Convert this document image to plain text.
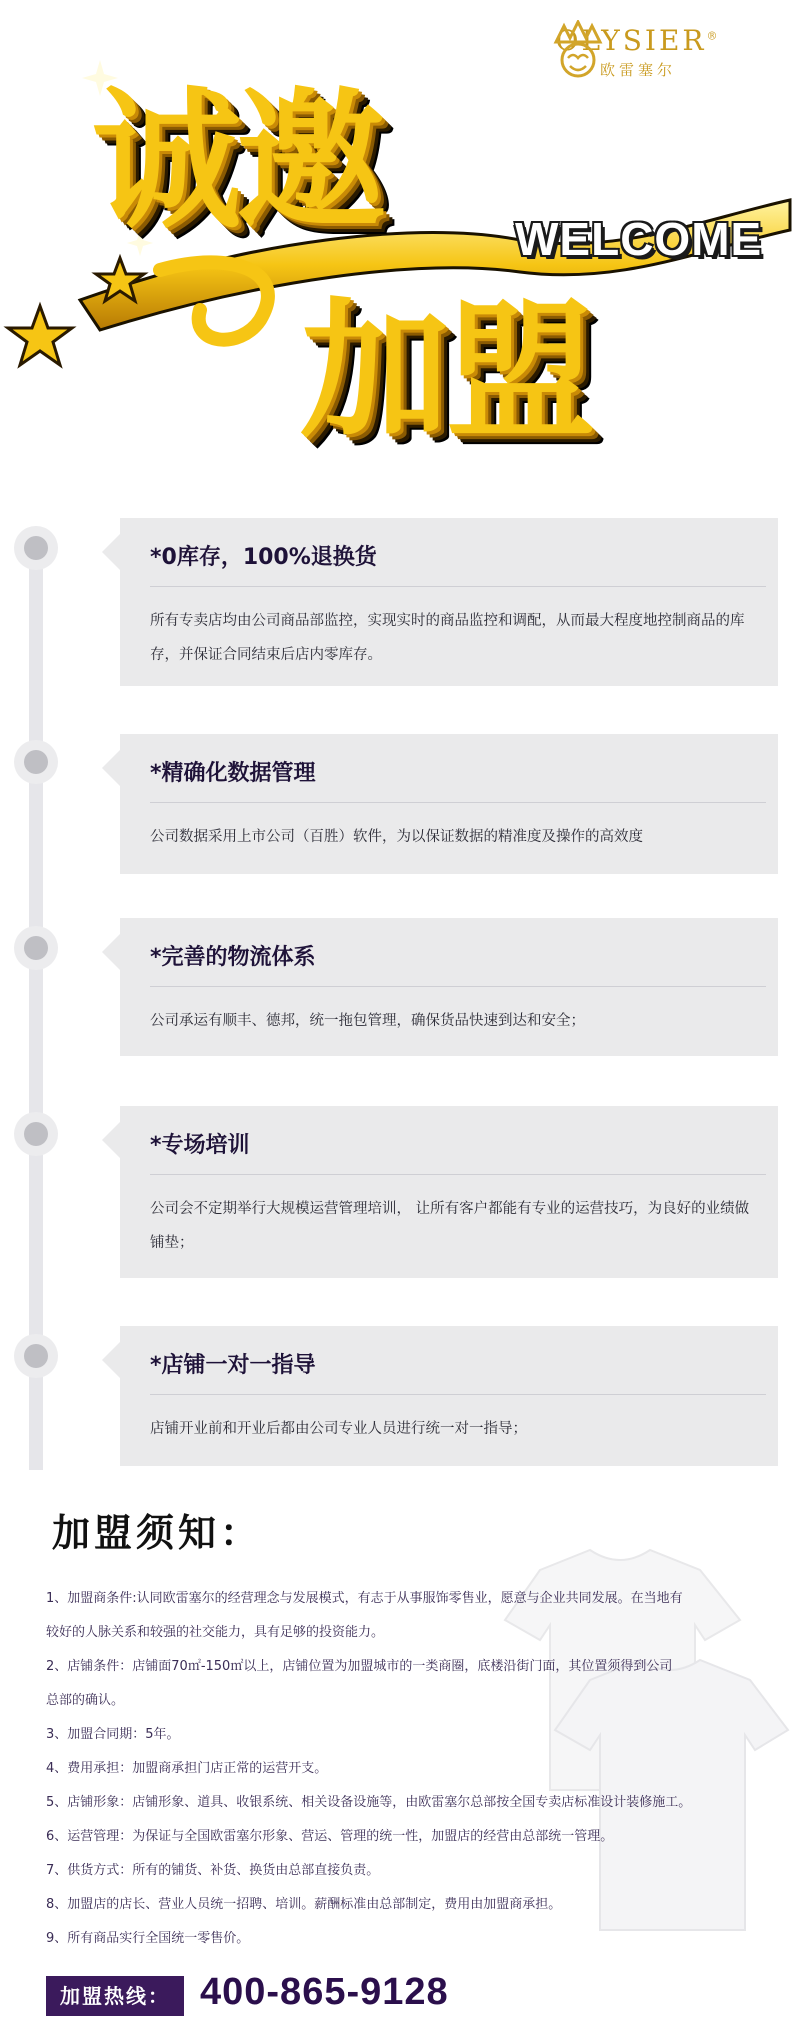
诚邀
加盟
WELCOME
OLYSIER®
欧雷塞尔
*0库存，100%退换货
所有专卖店均由公司商品部监控，实现实时的商品监控和调配，从而最大程度地控制商品的库存，并保证合同结束后店内零库存。
*精确化数据管理
公司数据采用上市公司（百胜）软件，为以保证数据的精准度及操作的高效度
*完善的物流体系
公司承运有顺丰、德邦，统一拖包管理，确保货品快速到达和安全；
*专场培训
公司会不定期举行大规模运营管理培训， 让所有客户都能有专业的运营技巧，为良好的业绩做铺垫；
*店铺一对一指导
店铺开业前和开业后都由公司专业人员进行统一对一指导；
加盟须知：
1、加盟商条件:认同欧雷塞尔的经营理念与发展模式，有志于从事服饰零售业，愿意与企业共同发展。在当地有
较好的人脉关系和较强的社交能力，具有足够的投资能力。
2、店铺条件：店铺面70㎡-150㎡以上，店铺位置为加盟城市的一类商圈，底楼沿街门面，其位置须得到公司
总部的确认。
3、加盟合同期：5年。
4、费用承担：加盟商承担门店正常的运营开支。
5、店铺形象：店铺形象、道具、收银系统、相关设备设施等，由欧雷塞尔总部按全国专卖店标准设计装修施工。
6、运营管理：为保证与全国欧雷塞尔形象、营运、管理的统一性，加盟店的经营由总部统一管理。
7、供货方式：所有的铺货、补货、换货由总部直接负责。
8、加盟店的店长、营业人员统一招聘、培训。薪酬标准由总部制定，费用由加盟商承担。
9、所有商品实行全国统一零售价。
加盟热线： 400-865-9128
